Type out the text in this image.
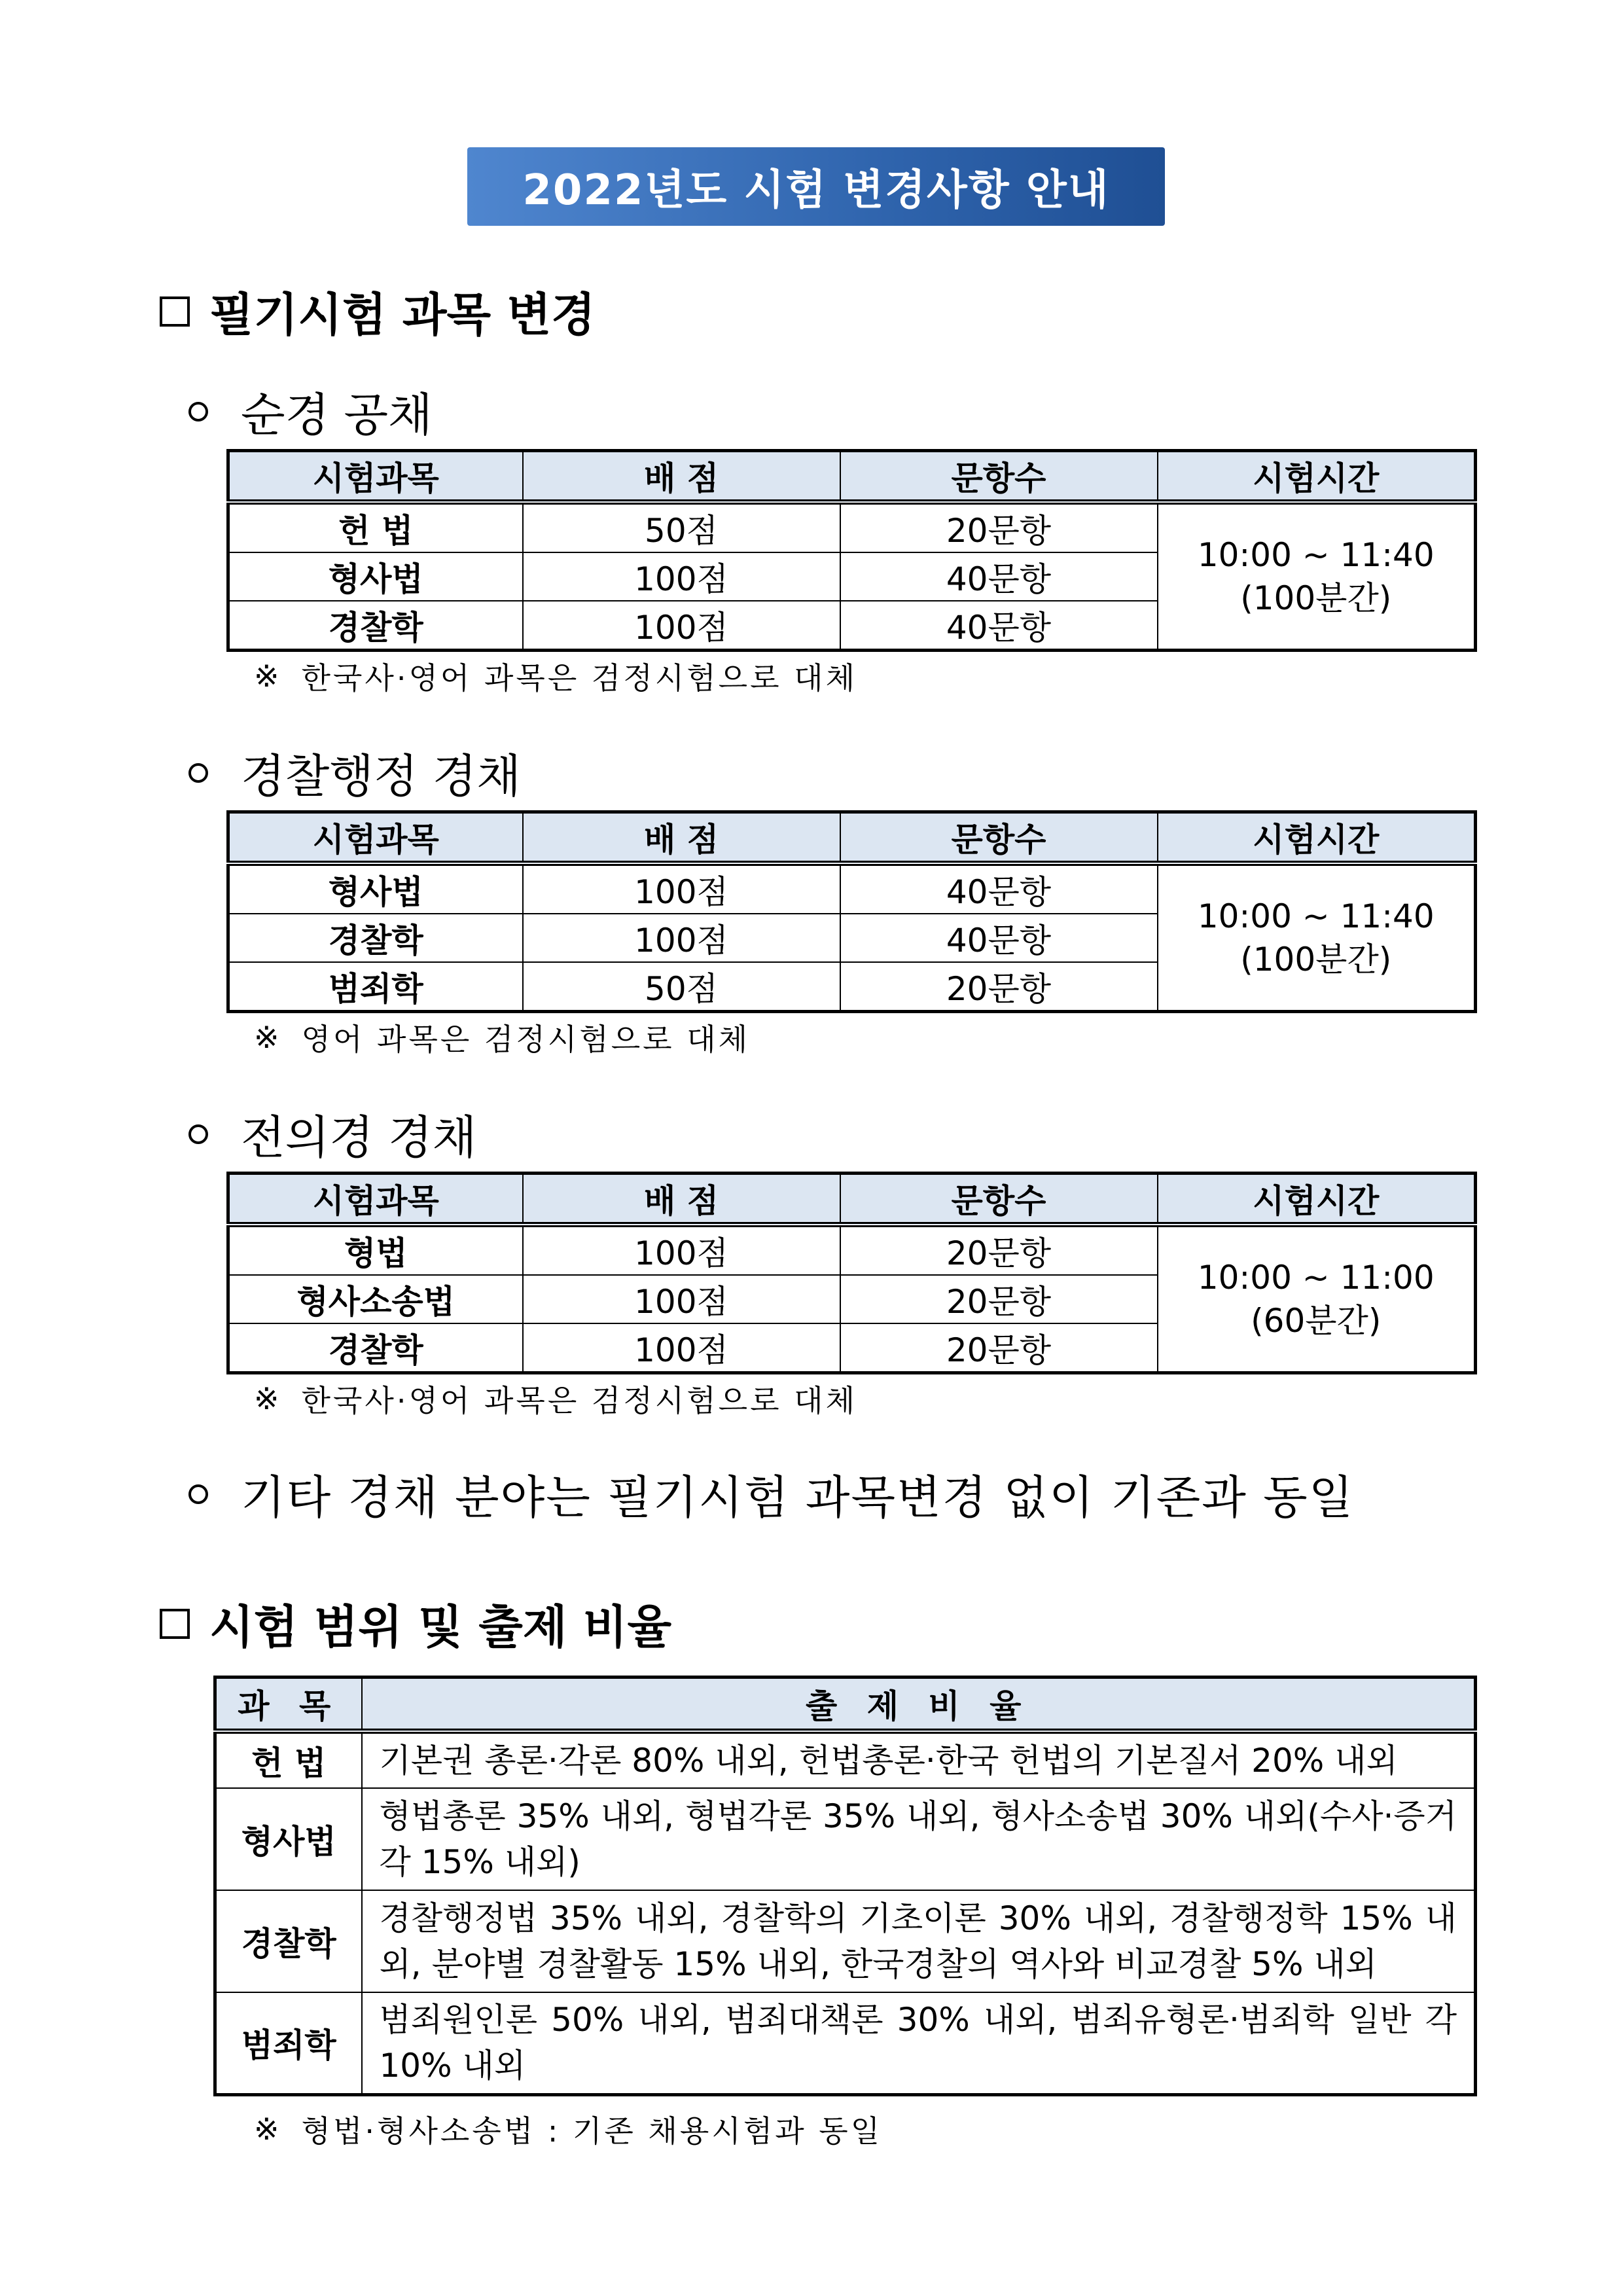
2022년도 시험 변경사항 안내
필기시험 과목 변경
순경 공채
시험과목	배 점	문항수	시험시간
헌 법	50점	20문항	10:00 ~ 11:40
(100분간)

형사법	100점	40문항	
경찰학	100점	40문항	
※ 한국사·영어 과목은 검정시험으로 대체
경찰행정 경채
시험과목	배 점	문항수	시험시간
형사법	100점	40문항	10:00 ~ 11:40
(100분간)

경찰학	100점	40문항	
범죄학	50점	20문항	
※ 영어 과목은 검정시험으로 대체
전의경 경채
시험과목	배 점	문항수	시험시간
형법	100점	20문항	10:00 ~ 11:00
(60분간)

형사소송법	100점	20문항	
경찰학	100점	20문항	
※ 한국사·영어 과목은 검정시험으로 대체
기타 경채 분야는 필기시험 과목변경 없이 기존과 동일
시험 범위 및 출제 비율
과 목	출 제 비 율
헌 법	기본권 총론‧각론 80% 내외, 헌법총론‧한국 헌법의 기본질서 20% 내외
형사법	형법총론 35% 내외, 형법각론 35% 내외, 형사소송법 30% 내외(수사‧증거 각 15% 내외)
경찰학	경찰행정법 35% 내외, 경찰학의 기초이론 30% 내외, 경찰행정학 15% 내외, 분야별 경찰활동 15% 내외, 한국경찰의 역사와 비교경찰 5% 내외
범죄학	범죄원인론 50% 내외, 범죄대책론 30% 내외, 범죄유형론‧범죄학 일반 각 10% 내외
※ 형법·형사소송법 : 기존 채용시험과 동일
